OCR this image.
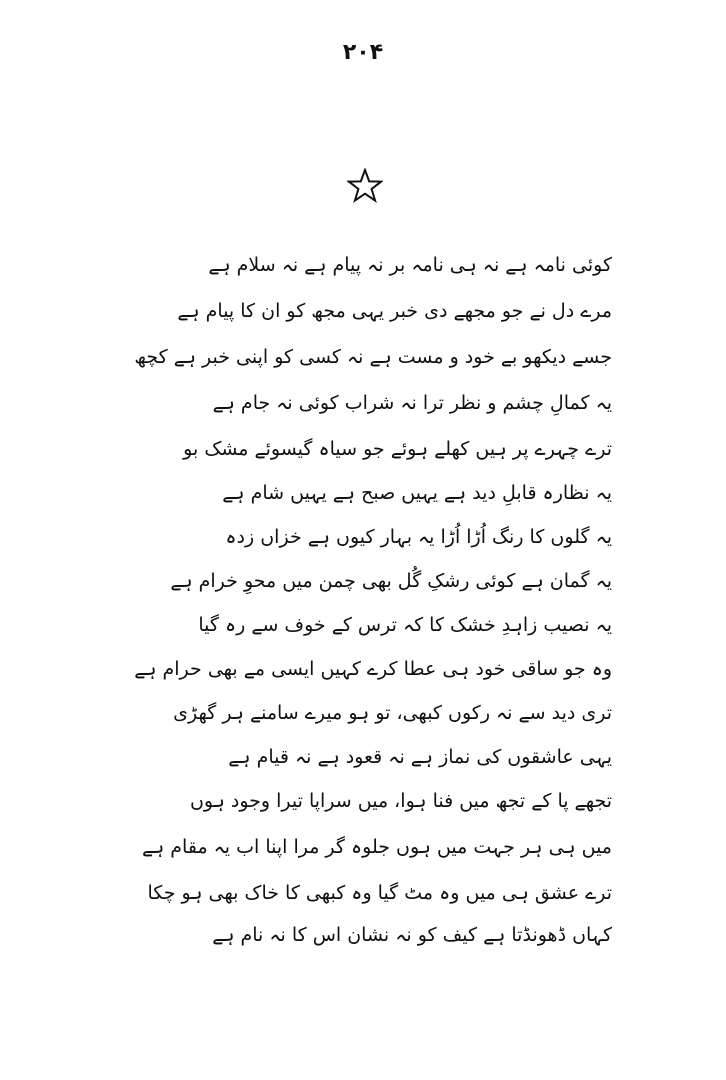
۲۰۴
کوئی نامہ ہے نہ ہی نامہ بر نہ پیام ہے نہ سلام ہے
مرے دل نے جو مجھے دی خبر یہی مجھ کو ان کا پیام ہے
جسے دیکھو بے خود و مست ہے نہ کسی کو اپنی خبر ہے کچھ
یہ کمالِ چشم و نظر ترا نہ شراب کوئی نہ جام ہے
ترے چہرے پر ہیں کھلے ہوئے جو سیاہ گیسوئے مشک بو
یہ نظارہ قابلِ دید ہے یہیں صبح ہے یہیں شام ہے
یہ گلوں کا رنگ اُڑا اُڑا یہ بہار کیوں ہے خزاں زدہ
یہ گمان ہے کوئی رشکِ گُل بھی چمن میں محوِ خرام ہے
یہ نصیب زاہدِ خشک کا کہ ترس کے خوف سے رہ گیا
وہ جو ساقی خود ہی عطا کرے کہیں ایسی مے بھی حرام ہے
تری دید سے نہ رکوں کبھی، تو ہو میرے سامنے ہر گھڑی
یہی عاشقوں کی نماز ہے نہ قعود ہے نہ قیام ہے
تجھے پا کے تجھ میں فنا ہوا، میں سراپا تیرا وجود ہوں
میں ہی ہر جہت میں ہوں جلوہ گر مرا اپنا اب یہ مقام ہے
ترے عشق ہی میں وہ مٹ گیا وہ کبھی کا خاک بھی ہو چکا
کہاں ڈھونڈتا ہے کیف کو نہ نشان اس کا نہ نام ہے
